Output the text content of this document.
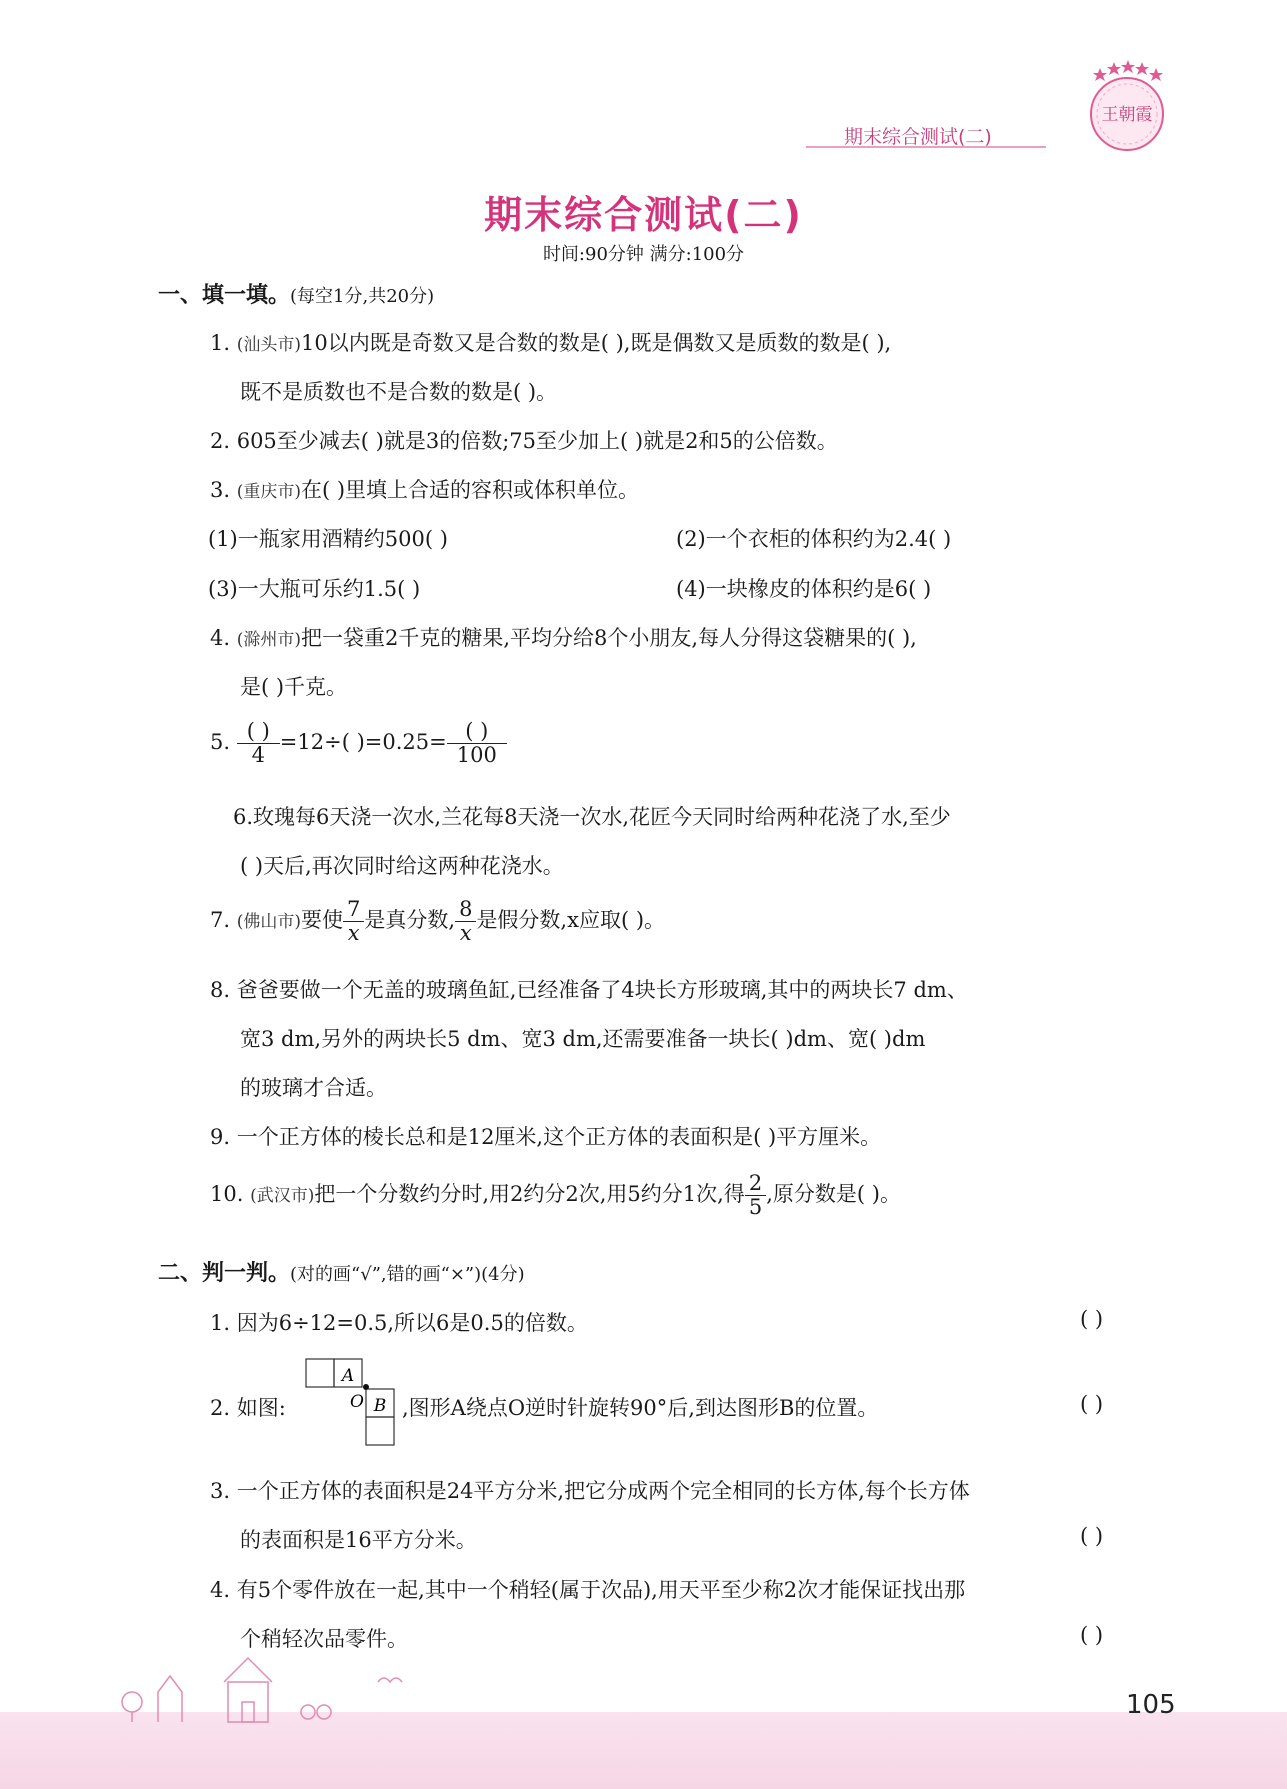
期末综合测试(二)
王朝霞
期末综合测试(二)
时间:90分钟 满分:100分
一、填一填。(每空1分,共20分)
1. (汕头市)10以内既是奇数又是合数的数是( ),既是偶数又是质数的数是( ),
既不是质数也不是合数的数是( )。
2. 605至少减去( )就是3的倍数;75至少加上( )就是2和5的公倍数。
3. (重庆市)在( )里填上合适的容积或体积单位。
(1)一瓶家用酒精约500( )	(2)一个衣柜的体积约为2.4( )
(3)一大瓶可乐约1.5( )	(4)一块橡皮的体积约是6( )
4. (滁州市)把一袋重2千克的糖果,平均分给8个小朋友,每人分得这袋糖果的( ),
是( )千克。
5. $\frac{( )}{4} =12\div$( )$=0.25= \frac{( )}{100}$
6.玫瑰每6天浇一次水,兰花每8天浇一次水,花匠今天同时给两种花浇了水,至少
( )天后,再次同时给这两种花浇水。
7. (佛山市)要使 $\frac{7}{x}$ 是真分数, $\frac{8}{x}$ 是假分数,x应取( )。
8. 爸爸要做一个无盖的玻璃鱼缸,已经准备了4块长方形玻璃,其中的两块长7 dm、
宽3 dm,另外的两块长5 dm、宽3 dm,还需要准备一块长( )dm、宽( )dm
的玻璃才合适。
9. 一个正方体的棱长总和是12厘米,这个正方体的表面积是( )平方厘米。
10. (武汉市)把一个分数约分时,用2约分2次,用5约分1次,得 $\frac{2}{5}$ ,原分数是( )。
二、判一判。(对的画“√”,错的画“×”)(4分)
1. 因为6÷12=0.5,所以6是0.5的倍数。	( )
2. 如图:
A
B
O ,图形A绕点O逆时针旋转90°后,到达图形B的位置。	( )
3. 一个正方体的表面积是24平方分米,把它分成两个完全相同的长方体,每个长方体
的表面积是16平方分米。	( )
4. 有5个零件放在一起,其中一个稍轻(属于次品),用天平至少称2次才能保证找出那
个稍轻次品零件。	( )
105
